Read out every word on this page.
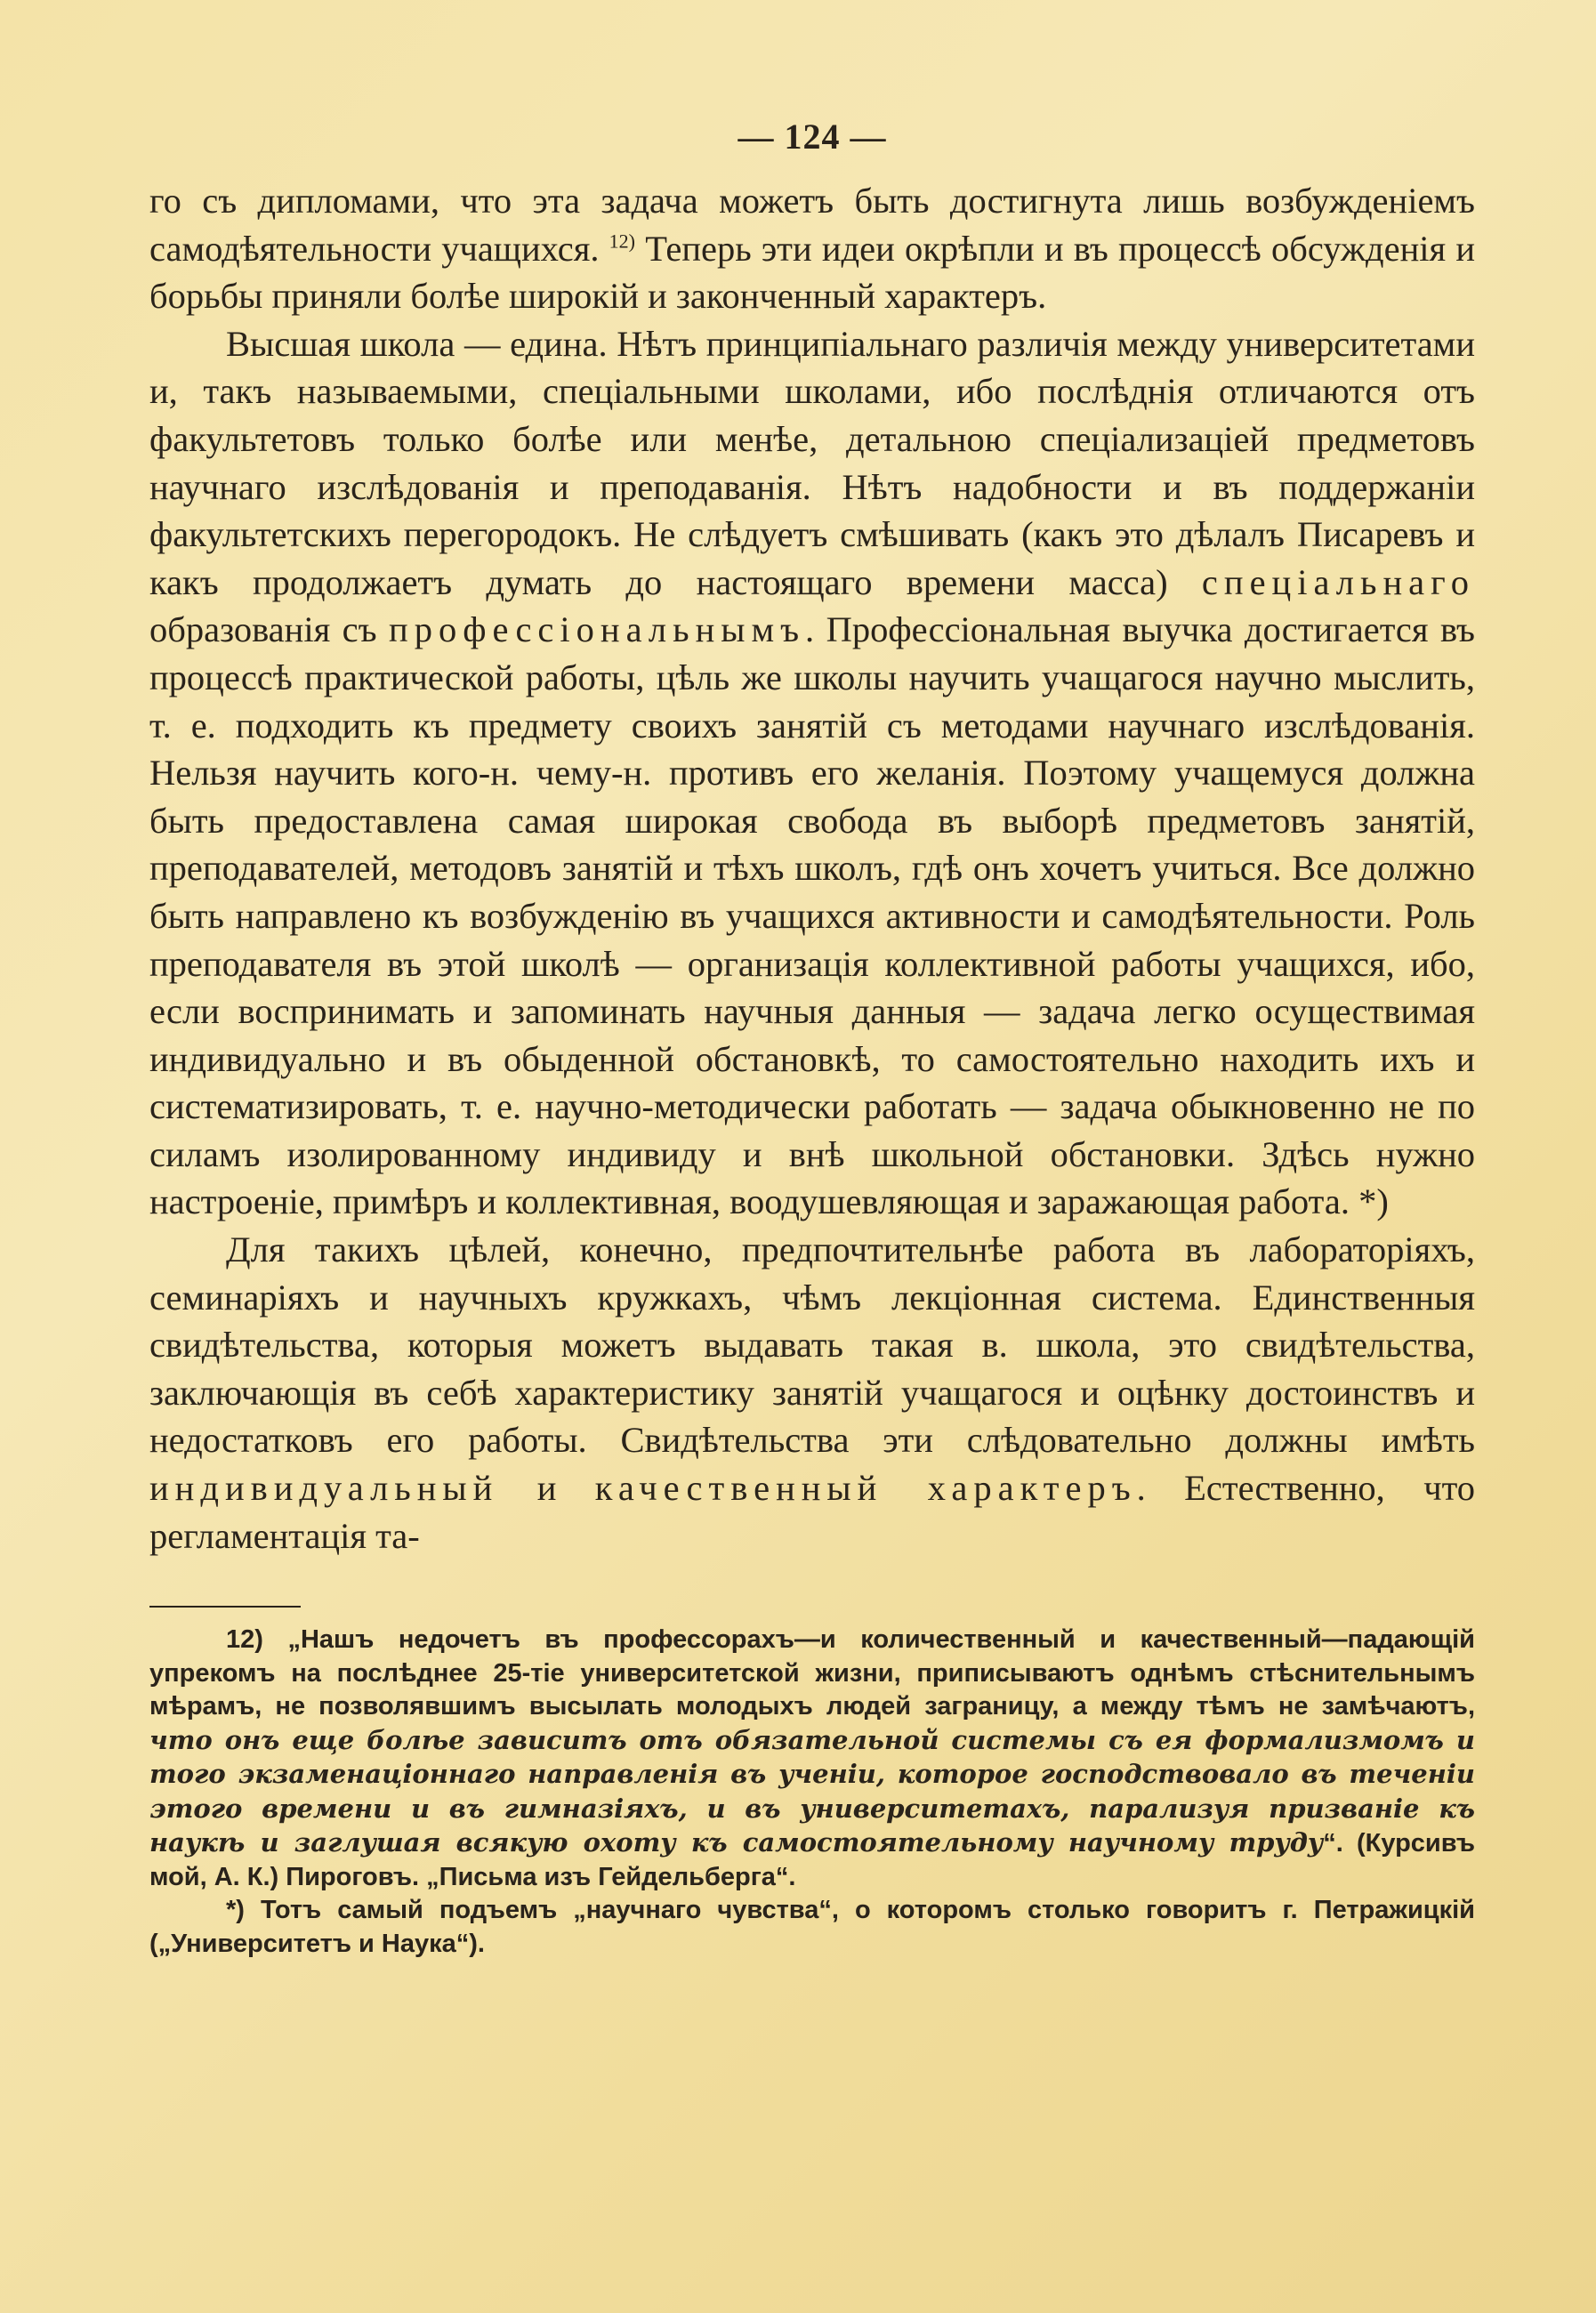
— 124 —

го съ дипломами, что эта задача можетъ быть достигнута лишь возбужденіемъ самодѣятельности учащихся. $^{12)}$ Теперь эти идеи окрѣпли и въ процессѣ обсужденія и борьбы приняли болѣе широкій и законченный характеръ.

Высшая школа — едина. Нѣтъ принципіальнаго различія между университетами и, такъ называемыми, спеціальными школами, ибо послѣднія отличаются отъ факультетовъ только болѣе или менѣе, детальною спеціализацiей предметовъ научнаго изслѣдованія и преподаванія. Нѣтъ надобности и въ поддержаніи факультетскихъ перегородокъ. Не слѣдуетъ смѣшивать (какъ это дѣлалъ Писаревъ и какъ продолжаетъ думать до настоящаго времени масса) спеціальнаго образованія съ профессіональнымъ. Профессіональная выучка достигается въ процессѣ практической работы, цѣль же школы научить учащагося научно мыслить, т. е. подходить къ предмету своихъ занятій съ методами научнаго изслѣдованія. Нельзя научить кого-н. чему-н. противъ его желанія. Поэтому учащемуся должна быть предоставлена самая широкая свобода въ выборѣ предметовъ занятій, преподавателей, методовъ занятій и тѣхъ школъ, гдѣ онъ хочетъ учиться. Все должно быть направлено къ возбужденію въ учащихся активности и самодѣятельности. Роль преподавателя въ этой школѣ — организація коллективной работы учащихся, ибо, если воспринимать и запоминать научныя данныя — задача легко осуществимая индивидуально и въ обыденной обстановкѣ, то самостоятельно находить ихъ и систематизировать, т. е. научно-методически работать — задача обыкновенно не по силамъ изолированному индивиду и внѣ школьной обстановки. Здѣсь нужно настроеніе, примѣръ и коллективная, воодушевляющая и заражающая работа. *)

Для такихъ цѣлей, конечно, предпочтительнѣе работа въ лабораторіяхъ, семинаріяхъ и научныхъ кружкахъ, чѣмъ лекціонная система. Единственныя свидѣтельства, которыя можетъ выдавать такая в. школа, это свидѣтельства, заключающія въ себѣ характеристику занятій учащагося и оцѣнку достоинствъ и недостатковъ его работы. Свидѣтельства эти слѣдовательно должны имѣть индивидуальный и качественный характеръ. Естественно, что регламентація та-

12) „Нашъ недочетъ въ профессорахъ—и количественный и качественный—падающій упрекомъ на послѣднее 25-тіе университетской жизни, приписываютъ однѣмъ стѣснительнымъ мѣрамъ, не позволявшимъ высылать молодыхъ людей заграницу, а между тѣмъ не замѣчаютъ, что онъ еще болѣе зависитъ отъ обязательной системы съ ея формализмомъ и того экзаменаціоннаго направленія въ ученіи, которое господствовало въ теченіи этого времени и въ гимназіяхъ, и въ университетахъ, парализуя призваніе къ наукѣ и заглушая всякую охоту къ самостоятельному научному труду“. (Курсивъ мой, А. К.) Пироговъ. „Письма изъ Гейдельберга“.

*) Тотъ самый подъемъ „научнаго чувства“, о которомъ столько говоритъ г. Петражицкій („Университетъ и Наука“).
